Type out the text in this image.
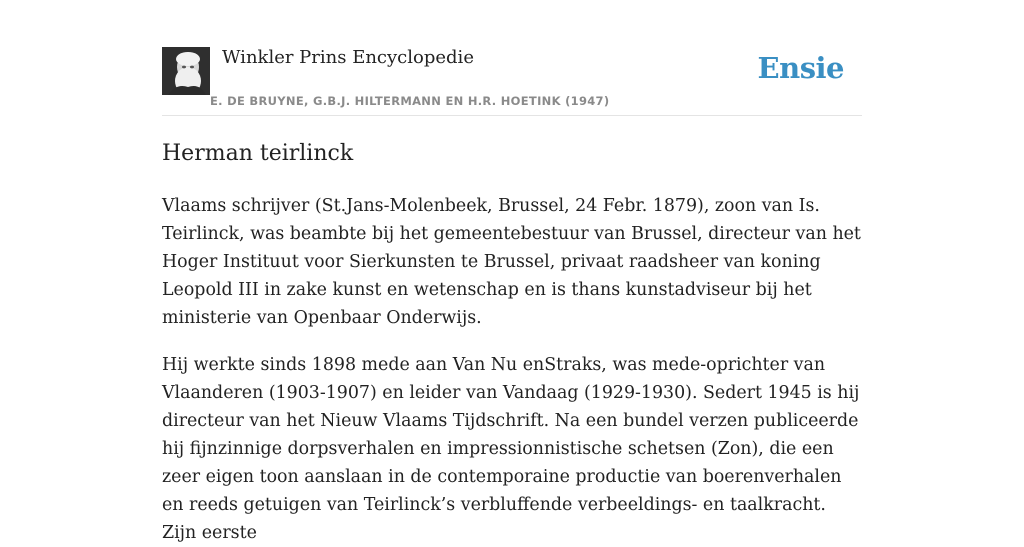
Winkler Prins Encyclopedie
E. DE BRUYNE, G.B.J. HILTERMANN EN H.R. HOETINK (1947)
Ensie
Herman teirlinck

Vlaams schrijver (St.Jans-Molenbeek, Brussel, 24 Febr. 1879), zoon van Is. Teirlinck, was beambte bij het gemeentebestuur van Brussel, directeur van het Hoger Instituut voor Sierkunsten te Brussel, privaat raadsheer van koning Leopold III in zake kunst en wetenschap en is thans kunstadviseur bij het ministerie van Openbaar Onderwijs.

Hij werkte sinds 1898 mede aan Van Nu enStraks, was mede-oprichter van Vlaanderen (1903-1907) en leider van Vandaag (1929-1930). Sedert 1945 is hij directeur van het Nieuw Vlaams Tijdschrift. Na een bundel verzen publiceerde hij fijnzinnige dorpsverhalen en impressionnistische schetsen (Zon), die een zeer eigen toon aanslaan in de contemporaine productie van boerenverhalen en reeds getuigen van Teirlinck’s verbluffende verbeeldings- en taalkracht. Zijn eerste
